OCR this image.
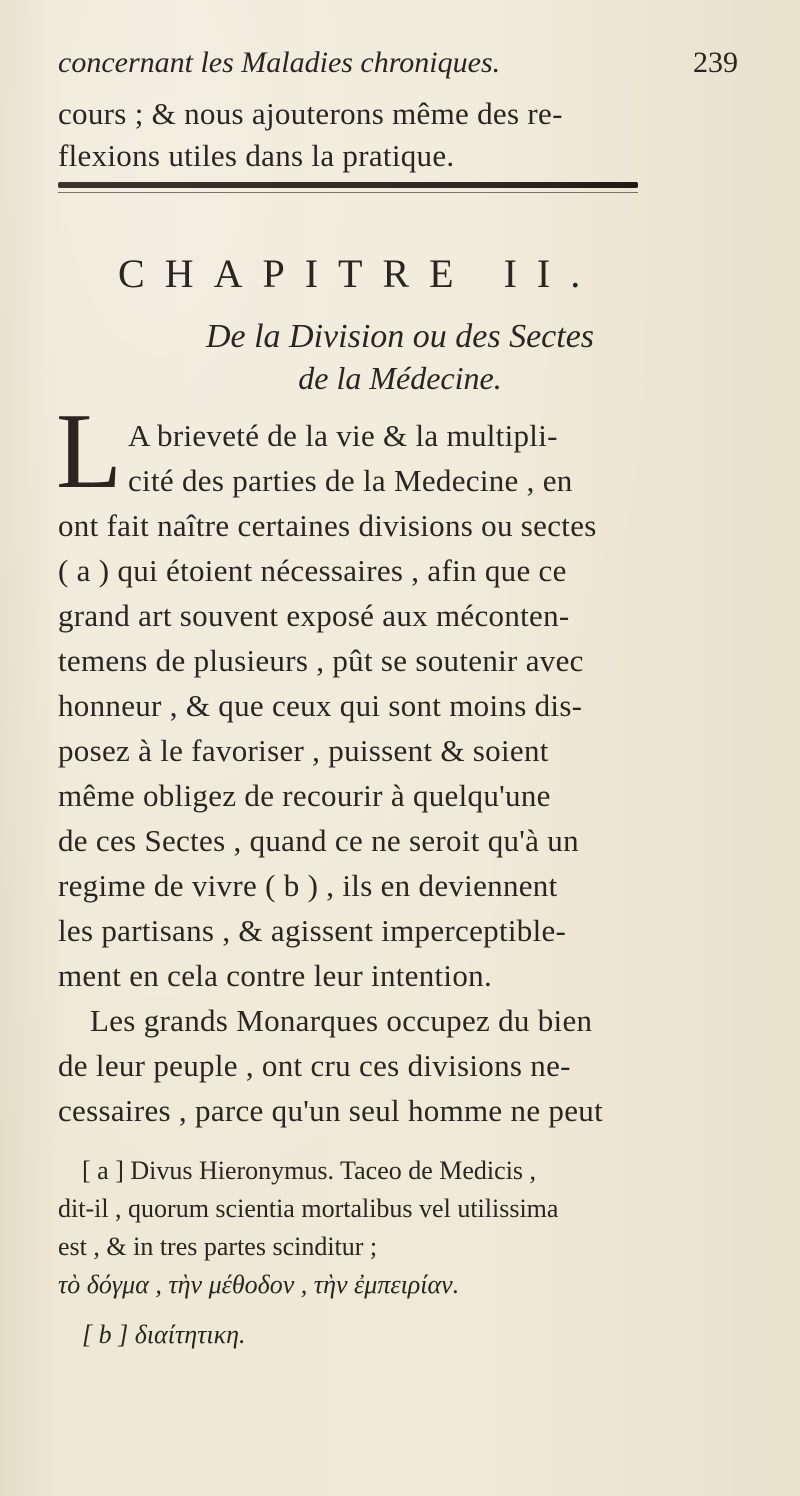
concernant les Maladies chroniques.	239
cours ; & nous ajouterons même des re-
flexions utiles dans la pratique.
CHAPITRE II.
De la Division ou des Sectes
de la Médecine.
L A brieveté de la vie & la multipli-
cité des parties de la Medecine , en
ont fait naître certaines divisions ou sectes
( a ) qui étoient nécessaires , afin que ce
grand art souvent exposé aux méconten-
temens de plusieurs , pût se soutenir avec
honneur , & que ceux qui sont moins dis-
posez à le favoriser , puissent & soient
même obligez de recourir à quelqu'une
de ces Sectes , quand ce ne seroit qu'à un
regime de vivre ( b ) , ils en deviennent
les partisans , & agissent imperceptible-
ment en cela contre leur intention.
Les grands Monarques occupez du bien
de leur peuple , ont cru ces divisions ne-
cessaires , parce qu'un seul homme ne peut
[ a ] Divus Hieronymus. Taceo de Medicis ,
dit-il , quorum scientia mortalibus vel utilissima
est , & in tres partes scinditur ;
τὸ δόγμα , τὴν μέθοδον , τὴν ἐμπειρίαν.
[ b ] διαίτητικη.
